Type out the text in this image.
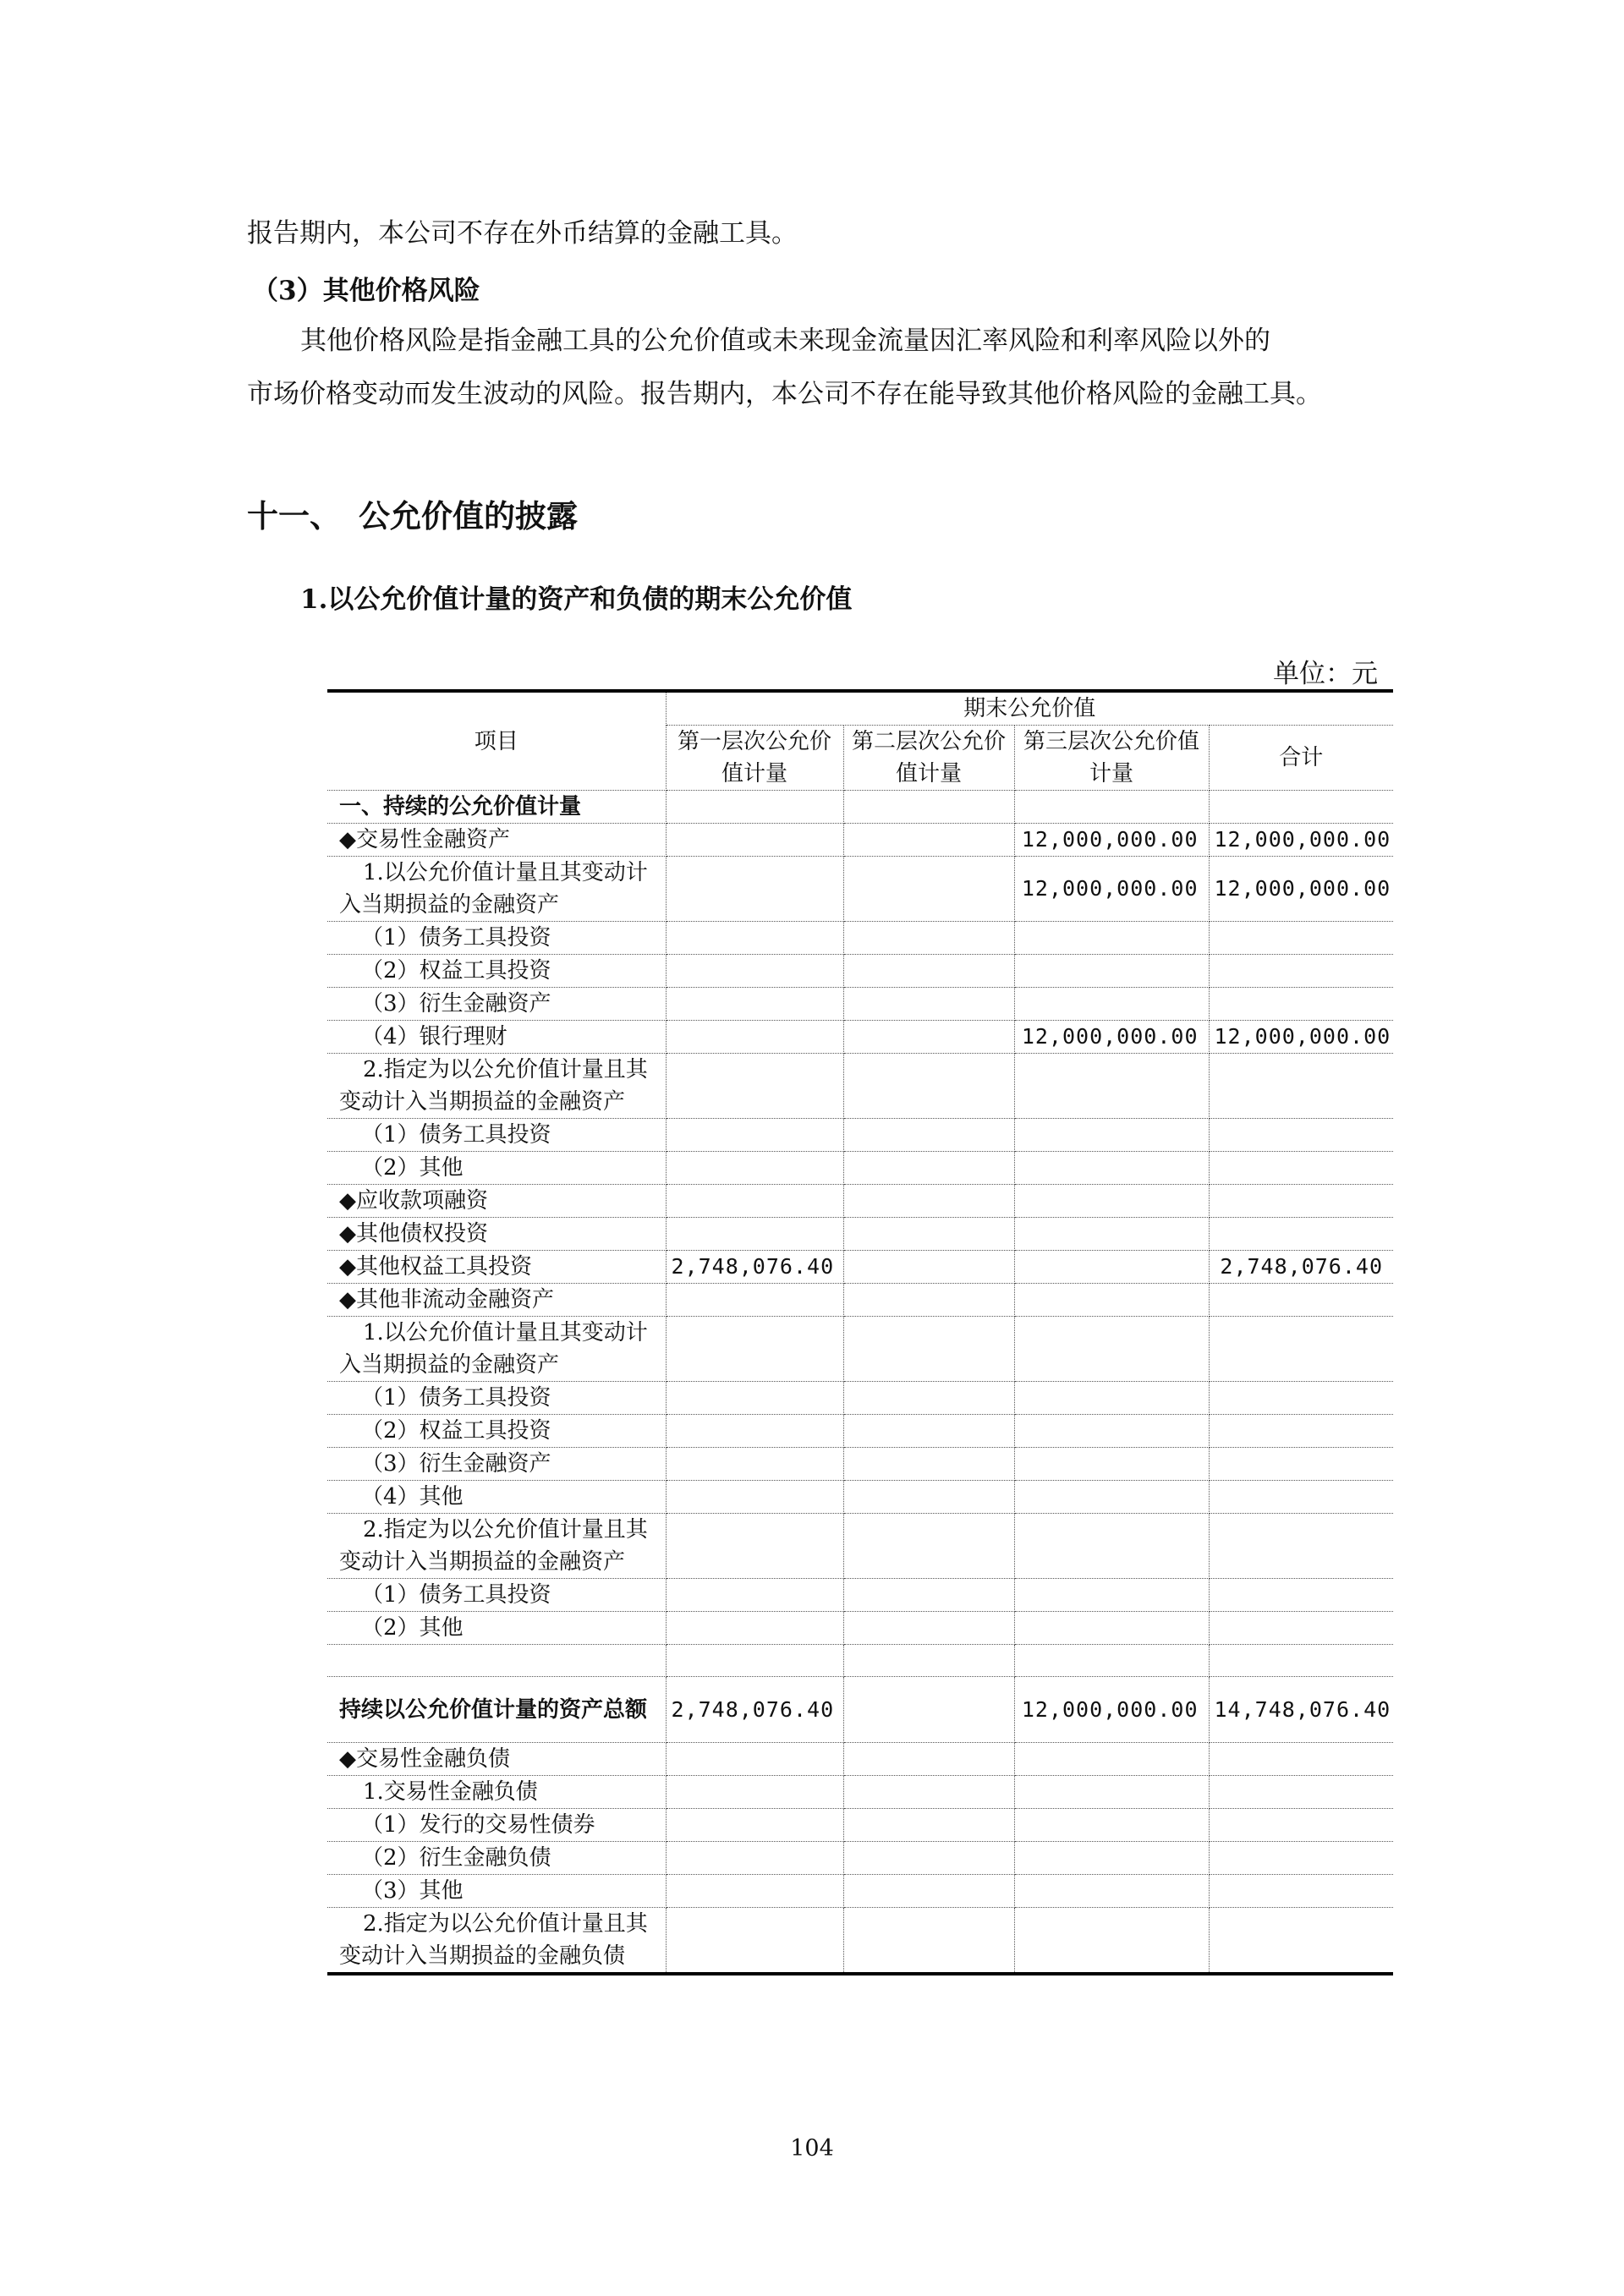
报告期内，本公司不存在外币结算的金融工具。

（3）其他价格风险

其他价格风险是指金融工具的公允价值或未来现金流量因汇率风险和利率风险以外的

市场价格变动而发生波动的风险。报告期内，本公司不存在能导致其他价格风险的金融工具。

十一、 公允价值的披露
1.以公允价值计量的资产和负债的期末公允价值

单位：元

项目	期末公允价值			
	第一层次公允价值计量	第二层次公允价值计量	第三层次公允价值计量	合计
一、持续的公允价值计量				
◆交易性金融资产			12,000,000.00	12,000,000.00
1.以公允价值计量且其变动计入当期损益的金融资产			12,000,000.00	12,000,000.00
（1）债务工具投资				
（2）权益工具投资				
（3）衍生金融资产				
（4）银行理财			12,000,000.00	12,000,000.00
2.指定为以公允价值计量且其变动计入当期损益的金融资产				
（1）债务工具投资				
（2）其他				
◆应收款项融资				
◆其他债权投资				
◆其他权益工具投资	2,748,076.40			2,748,076.40
◆其他非流动金融资产				
1.以公允价值计量且其变动计入当期损益的金融资产				
（1）债务工具投资				
（2）权益工具投资				
（3）衍生金融资产				
（4）其他				
2.指定为以公允价值计量且其变动计入当期损益的金融资产				
（1）债务工具投资				
（2）其他				

持续以公允价值计量的资产总额	2,748,076.40		12,000,000.00	14,748,076.40
◆交易性金融负债				
1.交易性金融负债				
（1）发行的交易性债券				
（2）衍生金融负债				
（3）其他				
2.指定为以公允价值计量且其变动计入当期损益的金融负债				

104
